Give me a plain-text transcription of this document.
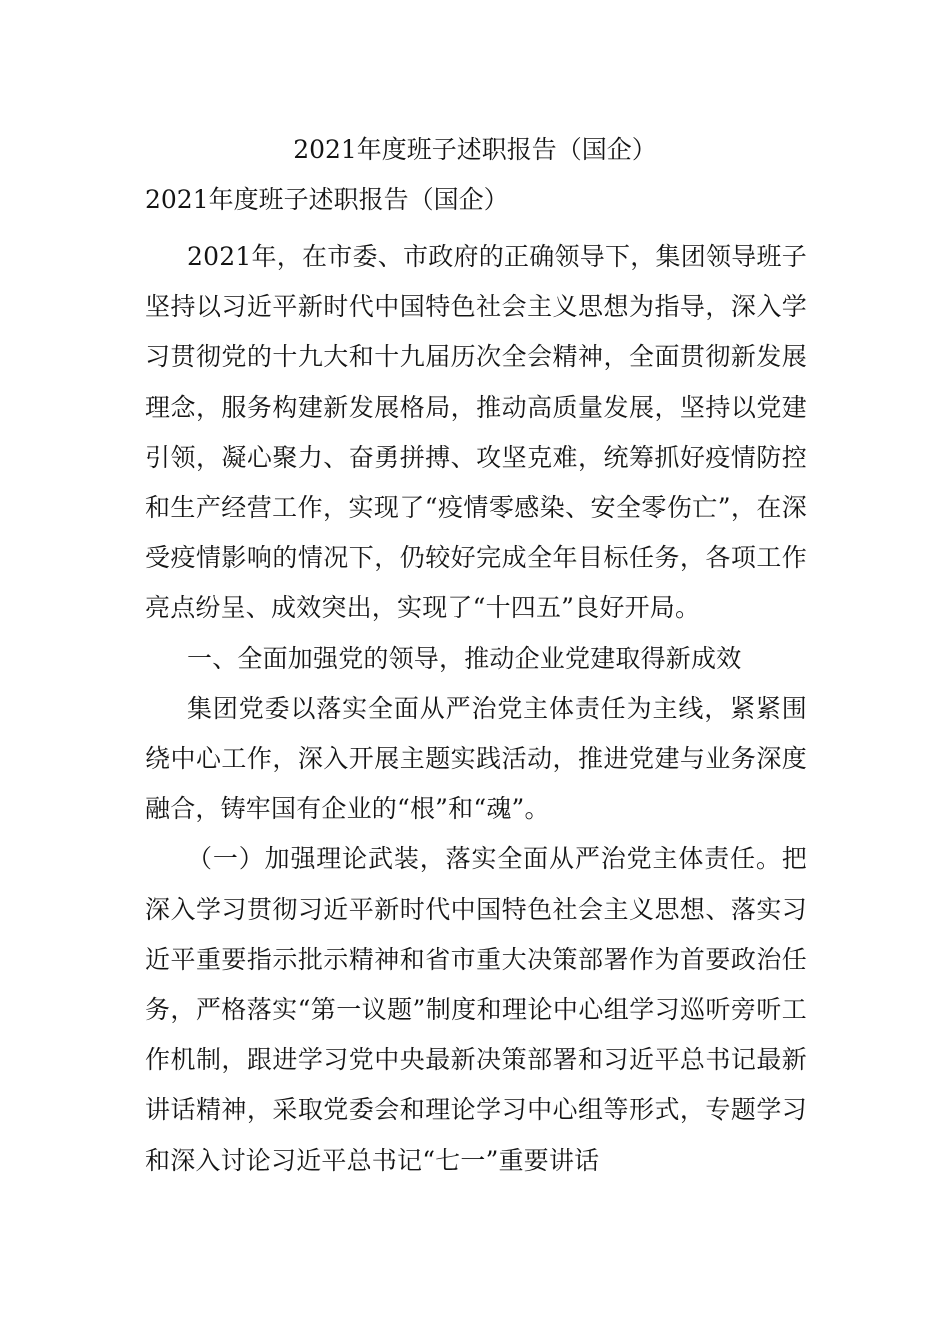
2021年度班子述职报告（国企）
2021年度班子述职报告（国企）

2021年，在市委、市政府的正确领导下，集团领导班子坚持以习近平新时代中国特色社会主义思想为指导，深入学习贯彻党的十九大和十九届历次全会精神，全面贯彻新发展理念，服务构建新发展格局，推动高质量发展，坚持以党建引领，凝心聚力、奋勇拼搏、攻坚克难，统筹抓好疫情防控和生产经营工作，实现了“疫情零感染、安全零伤亡”，在深受疫情影响的情况下，仍较好完成全年目标任务，各项工作亮点纷呈、成效突出，实现了“十四五”良好开局。

一、全面加强党的领导，推动企业党建取得新成效

集团党委以落实全面从严治党主体责任为主线，紧紧围绕中心工作，深入开展主题实践活动，推进党建与业务深度融合，铸牢国有企业的“根”和“魂”。

（一）加强理论武装，落实全面从严治党主体责任。把深入学习贯彻习近平新时代中国特色社会主义思想、落实习近平重要指示批示精神和省市重大决策部署作为首要政治任务，严格落实“第一议题”制度和理论中心组学习巡听旁听工作机制，跟进学习党中央最新决策部署和习近平总书记最新讲话精神，采取党委会和理论学习中心组等形式，专题学习和深入讨论习近平总书记“七一”重要讲话
